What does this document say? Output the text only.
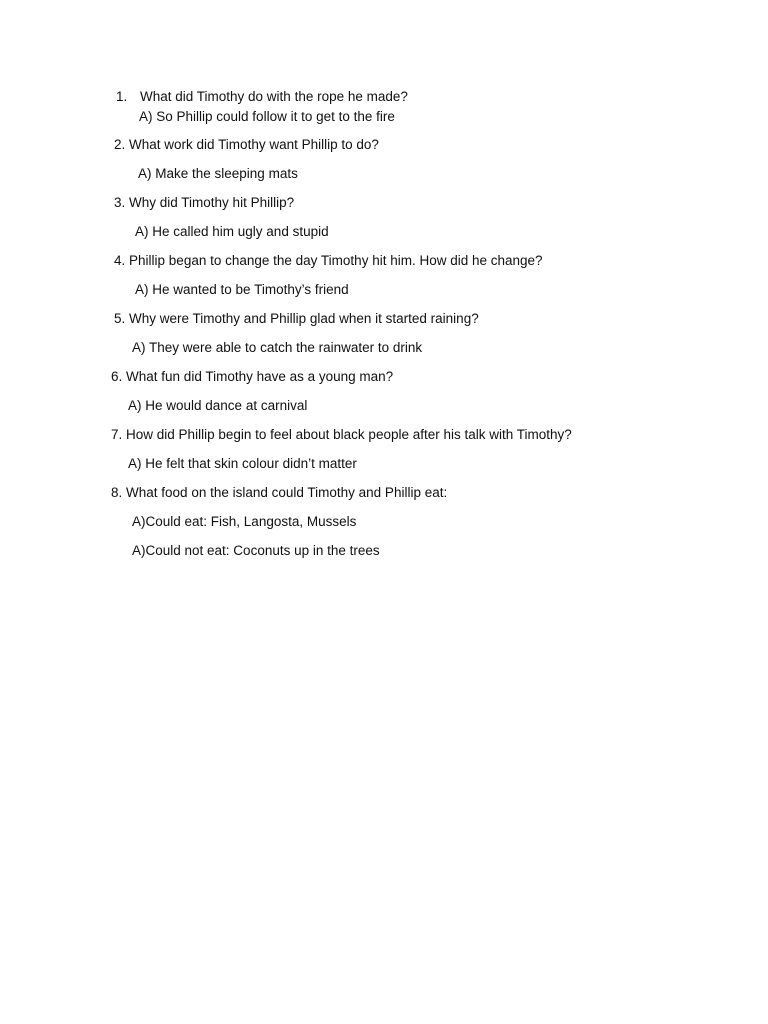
1. What did Timothy do with the rope he made?
A) So Phillip could follow it to get to the fire
2. What work did Timothy want Phillip to do?
A) Make the sleeping mats
3. Why did Timothy hit Phillip?
A) He called him ugly and stupid
4. Phillip began to change the day Timothy hit him. How did he change?
A) He wanted to be Timothy’s friend
5. Why were Timothy and Phillip glad when it started raining?
A) They were able to catch the rainwater to drink
6. What fun did Timothy have as a young man?
A) He would dance at carnival
7. How did Phillip begin to feel about black people after his talk with Timothy?
A) He felt that skin colour didn’t matter
8. What food on the island could Timothy and Phillip eat:
A)Could eat: Fish, Langosta, Mussels
A)Could not eat: Coconuts up in the trees
